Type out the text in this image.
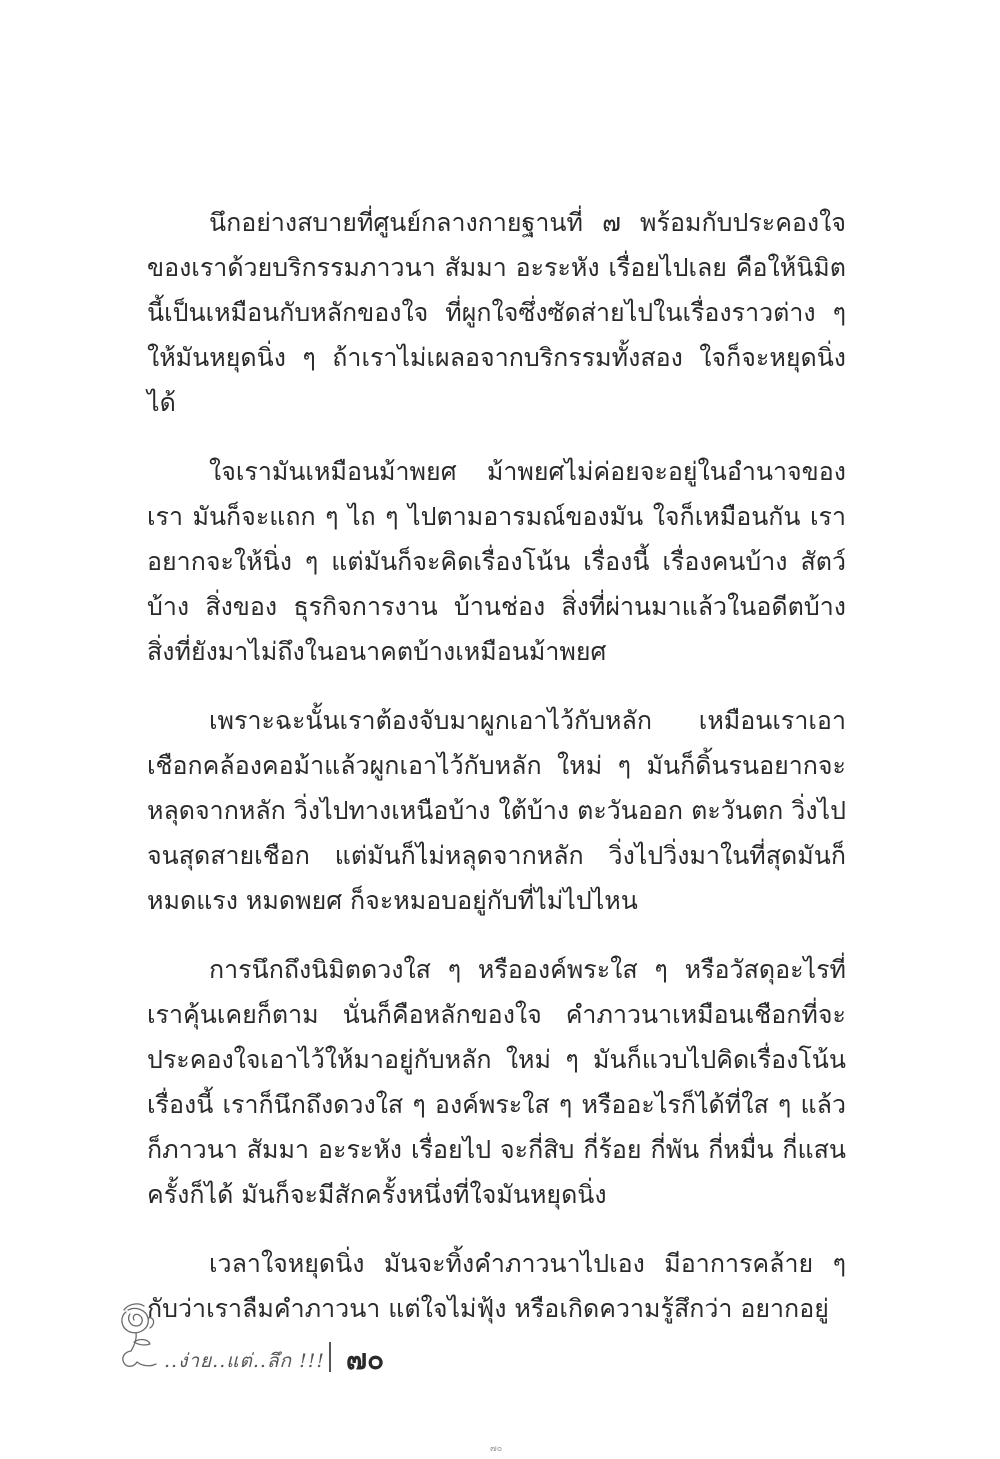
นึกอย่างสบายที่ศูนย์กลางกายฐานที่ ๗ พร้อมกับประคองใจของเราด้วยบริกรรมภาวนา สัมมา อะระหัง เรื่อยไปเลย คือให้นิมิตนี้เป็นเหมือนกับหลักของใจ ที่ผูกใจซึ่งซัดส่ายไปในเรื่องราวต่าง ๆ ให้มันหยุดนิ่ง ๆ ถ้าเราไม่เผลอจากบริกรรมทั้งสอง ใจก็จะหยุดนิ่งได้

ใจเรามันเหมือนม้าพยศ ม้าพยศไม่ค่อยจะอยู่ในอำนาจของเรา มันก็จะแถก ๆ ไถ ๆ ไปตามอารมณ์ของมัน ใจก็เหมือนกัน เราอยากจะให้นิ่ง ๆ แต่มันก็จะคิดเรื่องโน้น เรื่องนี้ เรื่องคนบ้าง สัตว์บ้าง สิ่งของ ธุรกิจการงาน บ้านช่อง สิ่งที่ผ่านมาแล้วในอดีตบ้าง สิ่งที่ยังมาไม่ถึงในอนาคตบ้างเหมือนม้าพยศ

เพราะฉะนั้นเราต้องจับมาผูกเอาไว้กับหลัก เหมือนเราเอาเชือกคล้องคอม้าแล้วผูกเอาไว้กับหลัก ใหม่ ๆ มันก็ดิ้นรนอยากจะหลุดจากหลัก วิ่งไปทางเหนือบ้าง ใต้บ้าง ตะวันออก ตะวันตก วิ่งไปจนสุดสายเชือก แต่มันก็ไม่หลุดจากหลัก วิ่งไปวิ่งมาในที่สุดมันก็หมดแรง หมดพยศ ก็จะหมอบอยู่กับที่ไม่ไปไหน

การนึกถึงนิมิตดวงใส ๆ หรือองค์พระใส ๆ หรือวัสดุอะไรที่เราคุ้นเคยก็ตาม นั่นก็คือหลักของใจ คำภาวนาเหมือนเชือกที่จะประคองใจเอาไว้ให้มาอยู่กับหลัก ใหม่ ๆ มันก็แวบไปคิดเรื่องโน้นเรื่องนี้ เราก็นึกถึงดวงใส ๆ องค์พระใส ๆ หรืออะไรก็ได้ที่ใส ๆ แล้วก็ภาวนา สัมมา อะระหัง เรื่อยไป จะกี่สิบ กี่ร้อย กี่พัน กี่หมื่น กี่แสนครั้งก็ได้ มันก็จะมีสักครั้งหนึ่งที่ใจมันหยุดนิ่ง

เวลาใจหยุดนิ่ง มันจะทิ้งคำภาวนาไปเอง มีอาการคล้าย ๆ กับว่าเราลืมคำภาวนา แต่ใจไม่ฟุ้ง หรือเกิดความรู้สึกว่า อยากอยู่

..ง่าย..แต่..ลึก !!! ๗๐
๗๐
